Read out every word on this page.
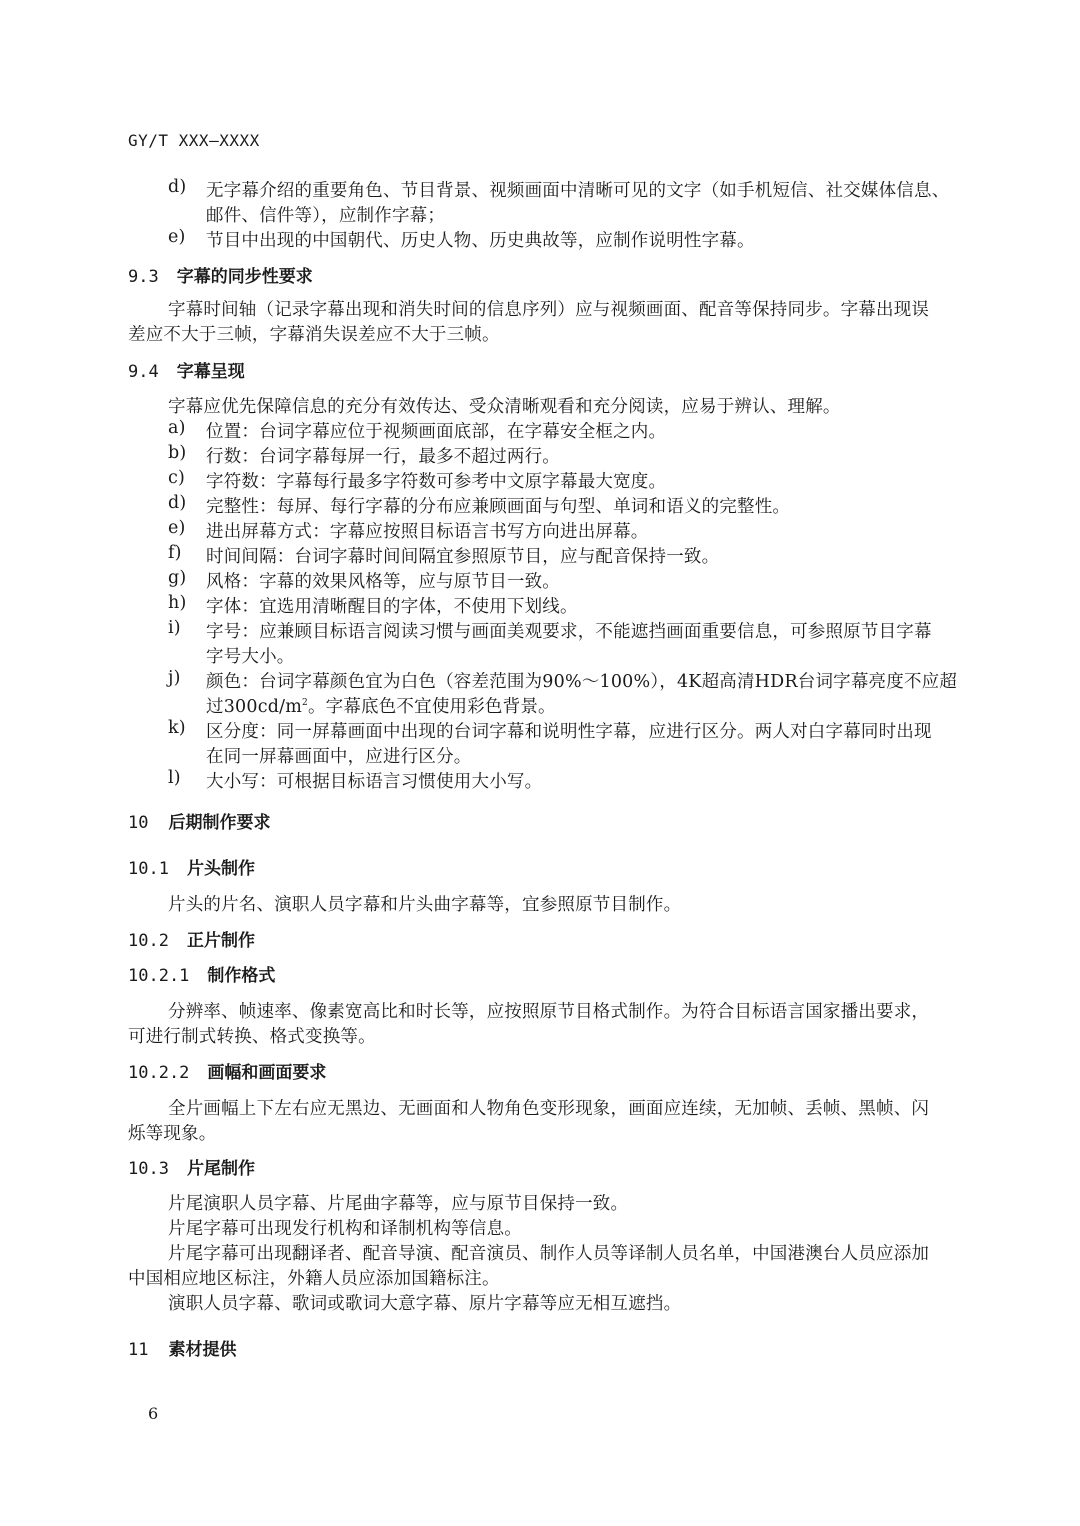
GY/T XXX—XXXX
d) 无字幕介绍的重要角色、节目背景、视频画面中清晰可见的文字（如手机短信、社交媒体信息、
邮件、信件等），应制作字幕；
e) 节目中出现的中国朝代、历史人物、历史典故等，应制作说明性字幕。
9.3 字幕的同步性要求
字幕时间轴（记录字幕出现和消失时间的信息序列）应与视频画面、配音等保持同步。字幕出现误
差应不大于三帧，字幕消失误差应不大于三帧。
9.4 字幕呈现
字幕应优先保障信息的充分有效传达、受众清晰观看和充分阅读，应易于辨认、理解。
a) 位置：台词字幕应位于视频画面底部，在字幕安全框之内。
b) 行数：台词字幕每屏一行，最多不超过两行。
c) 字符数：字幕每行最多字符数可参考中文原字幕最大宽度。
d) 完整性：每屏、每行字幕的分布应兼顾画面与句型、单词和语义的完整性。
e) 进出屏幕方式：字幕应按照目标语言书写方向进出屏幕。
f) 时间间隔：台词字幕时间间隔宜参照原节目，应与配音保持一致。
g) 风格：字幕的效果风格等，应与原节目一致。
h) 字体：宜选用清晰醒目的字体，不使用下划线。
i) 字号：应兼顾目标语言阅读习惯与画面美观要求，不能遮挡画面重要信息，可参照原节目字幕
字号大小。
j) 颜色：台词字幕颜色宜为白色（容差范围为90%～100%），4K超高清HDR台词字幕亮度不应超
过$300cd/m^2$。字幕底色不宜使用彩色背景。
k) 区分度：同一屏幕画面中出现的台词字幕和说明性字幕，应进行区分。两人对白字幕同时出现
在同一屏幕画面中，应进行区分。
l) 大小写：可根据目标语言习惯使用大小写。
10 后期制作要求
10.1 片头制作
片头的片名、演职人员字幕和片头曲字幕等，宜参照原节目制作。
10.2 正片制作
10.2.1 制作格式
分辨率、帧速率、像素宽高比和时长等，应按照原节目格式制作。为符合目标语言国家播出要求，
可进行制式转换、格式变换等。
10.2.2 画幅和画面要求
全片画幅上下左右应无黑边、无画面和人物角色变形现象，画面应连续，无加帧、丢帧、黑帧、闪
烁等现象。
10.3 片尾制作
片尾演职人员字幕、片尾曲字幕等，应与原节目保持一致。
片尾字幕可出现发行机构和译制机构等信息。
片尾字幕可出现翻译者、配音导演、配音演员、制作人员等译制人员名单，中国港澳台人员应添加
中国相应地区标注，外籍人员应添加国籍标注。
演职人员字幕、歌词或歌词大意字幕、原片字幕等应无相互遮挡。
11 素材提供
6
